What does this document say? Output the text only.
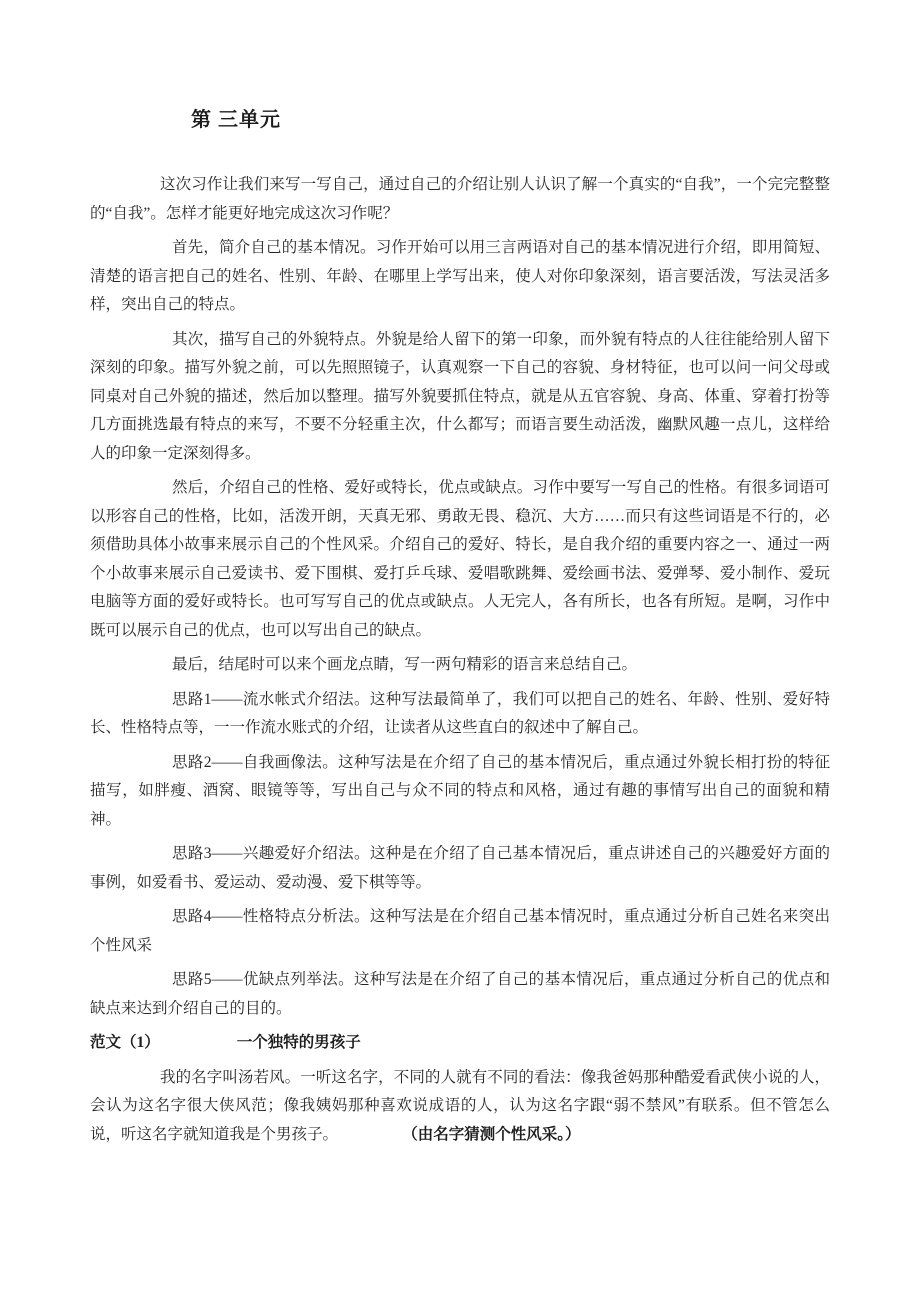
第 三单元

这次习作让我们来写一写自己，通过自己的介绍让别人认识了解一个真实的“自我”，一个完完整整的“自我”。怎样才能更好地完成这次习作呢？

首先，简介自己的基本情况。习作开始可以用三言两语对自己的基本情况进行介绍，即用简短、清楚的语言把自己的姓名、性别、年龄、在哪里上学写出来，使人对你印象深刻，语言要活泼，写法灵活多样，突出自己的特点。

其次，描写自己的外貌特点。外貌是给人留下的第一印象，而外貌有特点的人往往能给别人留下深刻的印象。描写外貌之前，可以先照照镜子，认真观察一下自己的容貌、身材特征，也可以问一问父母或同桌对自己外貌的描述，然后加以整理。描写外貌要抓住特点，就是从五官容貌、身高、体重、穿着打扮等几方面挑选最有特点的来写，不要不分轻重主次，什么都写；而语言要生动活泼，幽默风趣一点儿，这样给人的印象一定深刻得多。

然后，介绍自己的性格、爱好或特长，优点或缺点。习作中要写一写自己的性格。有很多词语可以形容自己的性格，比如，活泼开朗，天真无邪、勇敢无畏、稳沉、大方……而只有这些词语是不行的，必须借助具体小故事来展示自己的个性风采。介绍自己的爱好、特长，是自我介绍的重要内容之一、通过一两个小故事来展示自己爱读书、爱下围棋、爱打乒乓球、爱唱歌跳舞、爱绘画书法、爱弹琴、爱小制作、爱玩电脑等方面的爱好或特长。也可写写自己的优点或缺点。人无完人，各有所长，也各有所短。是啊，习作中既可以展示自己的优点，也可以写出自己的缺点。

最后，结尾时可以来个画龙点睛，写一两句精彩的语言来总结自己。

思路1——流水帐式介绍法。这种写法最简单了，我们可以把自己的姓名、年龄、性别、爱好特长、性格特点等，一一作流水账式的介绍，让读者从这些直白的叙述中了解自己。

思路2——自我画像法。这种写法是在介绍了自己的基本情况后，重点通过外貌长相打扮的特征描写，如胖瘦、酒窝、眼镜等等，写出自己与众不同的特点和风格，通过有趣的事情写出自己的面貌和精神。

思路3——兴趣爱好介绍法。这种是在介绍了自己基本情况后，重点讲述自己的兴趣爱好方面的事例，如爱看书、爱运动、爱动漫、爱下棋等等。

思路4——性格特点分析法。这种写法是在介绍自己基本情况时，重点通过分析自己姓名来突出个性风采

思路5——优缺点列举法。这种写法是在介绍了自己的基本情况后，重点通过分析自己的优点和缺点来达到介绍自己的目的。

范文（1）	一个独特的男孩子

我的名字叫汤若风。一听这名字，不同的人就有不同的看法：像我爸妈那种酷爱看武侠小说的人，会认为这名字很大侠风范；像我姨妈那种喜欢说成语的人，认为这名字跟“弱不禁风”有联系。但不管怎么说，听这名字就知道我是个男孩子。	（由名字猜测个性风采。）
